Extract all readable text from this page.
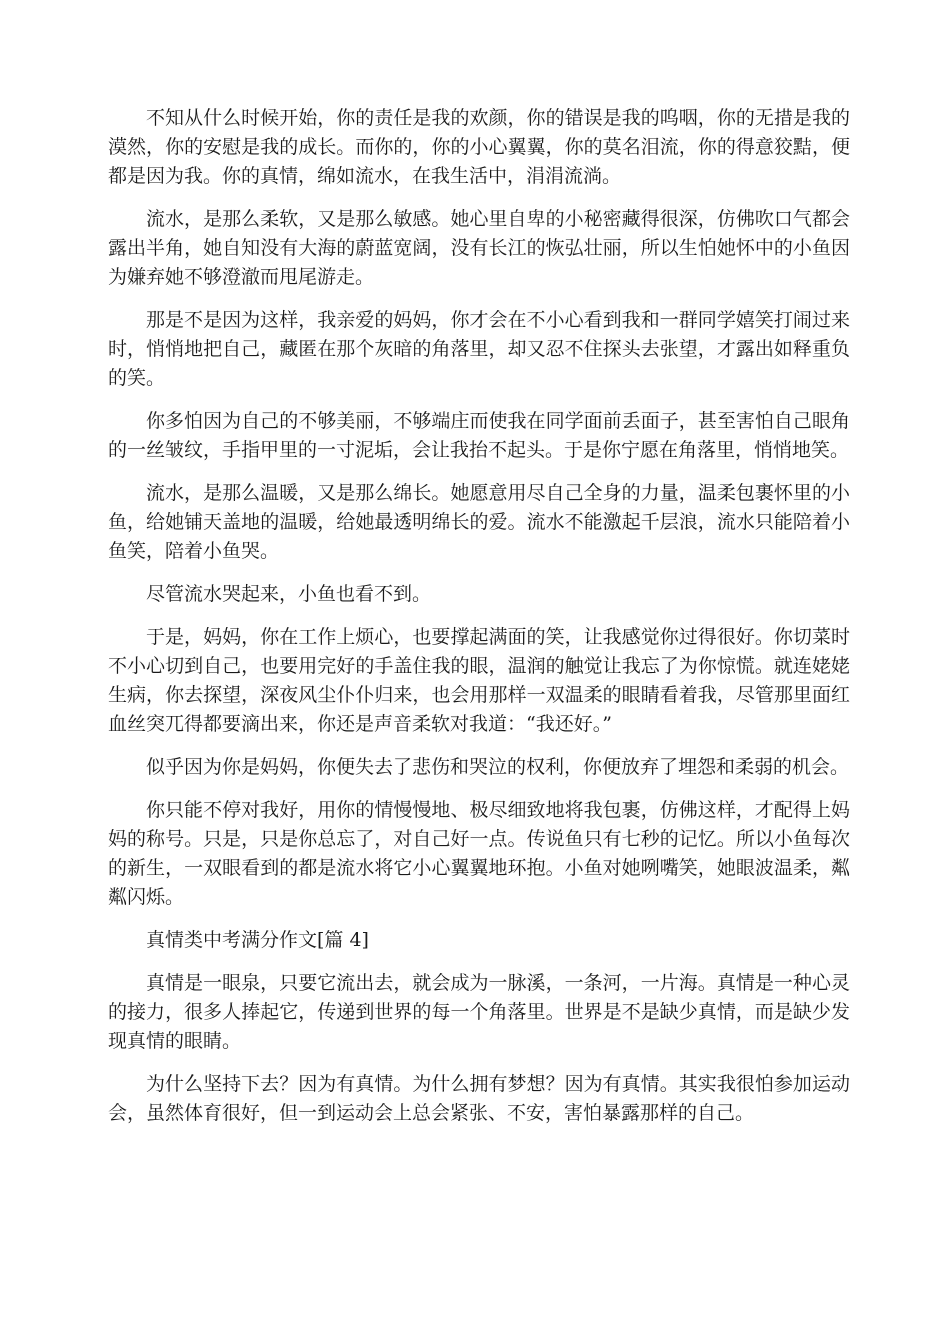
不知从什么时候开始，你的责任是我的欢颜，你的错误是我的呜咽，你的无措是我的漠然，你的安慰是我的成长。而你的，你的小心翼翼，你的莫名泪流，你的得意狡黠，便都是因为我。你的真情，绵如流水，在我生活中，涓涓流淌。

流水，是那么柔软，又是那么敏感。她心里自卑的小秘密藏得很深，仿佛吹口气都会露出半角，她自知没有大海的蔚蓝宽阔，没有长江的恢弘壮丽，所以生怕她怀中的小鱼因为嫌弃她不够澄澈而甩尾游走。

那是不是因为这样，我亲爱的妈妈，你才会在不小心看到我和一群同学嬉笑打闹过来时，悄悄地把自己，藏匿在那个灰暗的角落里，却又忍不住探头去张望，才露出如释重负的笑。

你多怕因为自己的不够美丽，不够端庄而使我在同学面前丢面子，甚至害怕自己眼角的一丝皱纹，手指甲里的一寸泥垢，会让我抬不起头。于是你宁愿在角落里，悄悄地笑。

流水，是那么温暖，又是那么绵长。她愿意用尽自己全身的力量，温柔包裹怀里的小鱼，给她铺天盖地的温暖，给她最透明绵长的爱。流水不能激起千层浪，流水只能陪着小鱼笑，陪着小鱼哭。

尽管流水哭起来，小鱼也看不到。

于是，妈妈，你在工作上烦心，也要撑起满面的笑，让我感觉你过得很好。你切菜时不小心切到自己，也要用完好的手盖住我的眼，温润的触觉让我忘了为你惊慌。就连姥姥生病，你去探望，深夜风尘仆仆归来，也会用那样一双温柔的眼睛看着我，尽管那里面红血丝突兀得都要滴出来，你还是声音柔软对我道：“我还好。”

似乎因为你是妈妈，你便失去了悲伤和哭泣的权利，你便放弃了埋怨和柔弱的机会。

你只能不停对我好，用你的情慢慢地、极尽细致地将我包裹，仿佛这样，才配得上妈妈的称号。只是，只是你总忘了，对自己好一点。传说鱼只有七秒的记忆。所以小鱼每次的新生，一双眼看到的都是流水将它小心翼翼地环抱。小鱼对她咧嘴笑，她眼波温柔，粼粼闪烁。

真情类中考满分作文[篇 4]

真情是一眼泉，只要它流出去，就会成为一脉溪，一条河，一片海。真情是一种心灵的接力，很多人捧起它，传递到世界的每一个角落里。世界是不是缺少真情，而是缺少发现真情的眼睛。

为什么坚持下去？因为有真情。为什么拥有梦想？因为有真情。其实我很怕参加运动会，虽然体育很好，但一到运动会上总会紧张、不安，害怕暴露那样的自己。
